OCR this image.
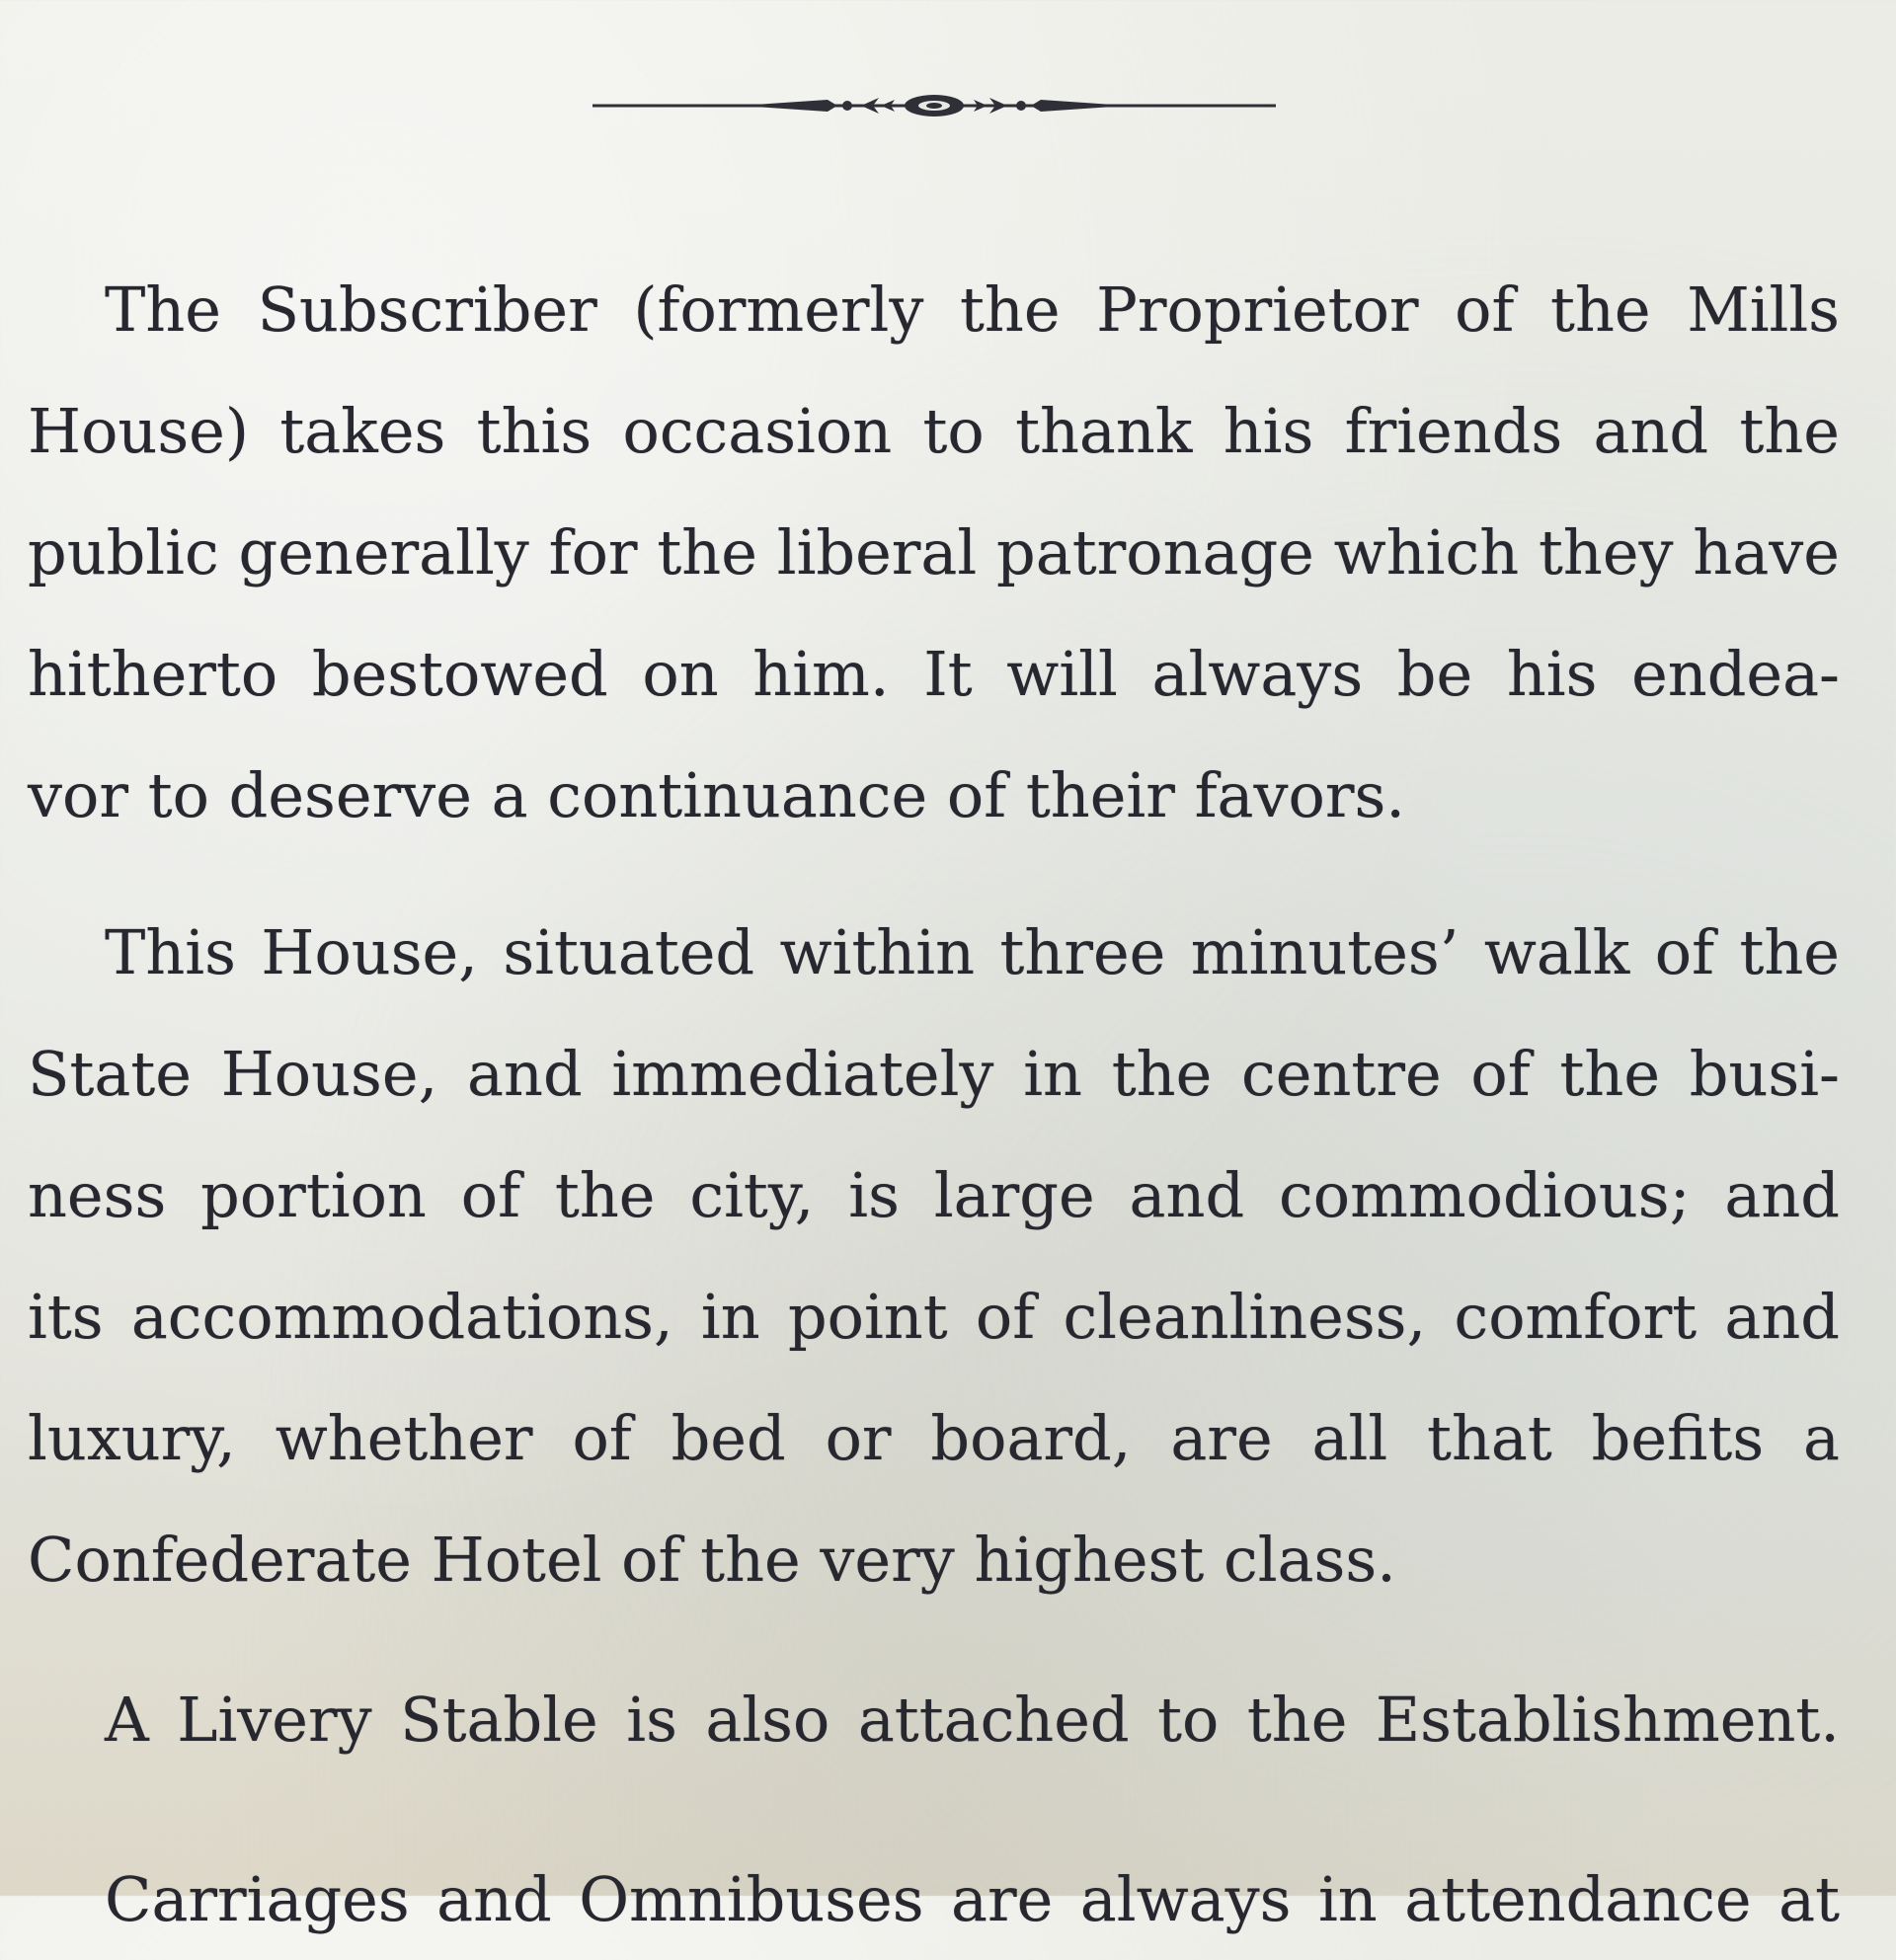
The Subscriber (formerly the Proprietor of the Mills
House) takes this occasion to thank his friends and the
public generally for the liberal patronage which they have
hitherto bestowed on him. It will always be his endea-
vor to deserve a continuance of their favors.
This House, situated within three minutes’ walk of the
State House, and immediately in the centre of the busi-
ness portion of the city, is large and commodious; and
its accommodations, in point of cleanliness, comfort and
luxury, whether of bed or board, are all that befits a
Confederate Hotel of the very highest class.
A Livery Stable is also attached to the Establishment.
Carriages and Omnibuses are always in attendance at
